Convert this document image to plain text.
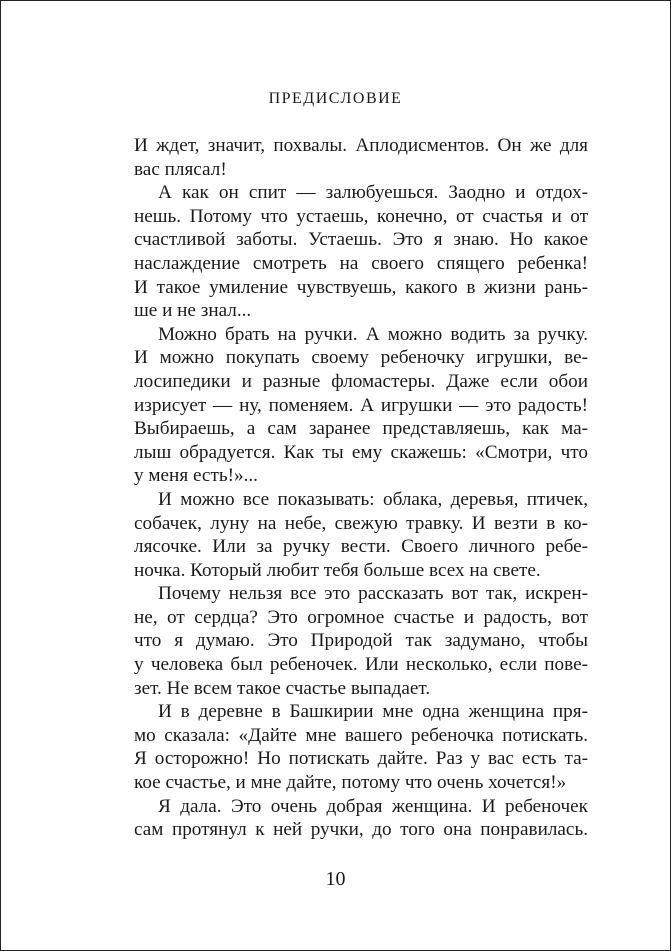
ПРЕДИСЛОВИЕ
И ждет, значит, похвалы. Аплодисментов. Он же для
вас плясал!
А как он спит — залюбуешься. Заодно и отдох-
нешь. Потому что устаешь, конечно, от счастья и от
счастливой заботы. Устаешь. Это я знаю. Но какое
наслаждение смотреть на своего спящего ребенка!
И такое умиление чувствуешь, какого в жизни рань-
ше и не знал...
Можно брать на ручки. А можно водить за ручку.
И можно покупать своему ребеночку игрушки, ве-
лосипедики и разные фломастеры. Даже если обои
изрисует — ну, поменяем. А игрушки — это радость!
Выбираешь, а сам заранее представляешь, как ма-
лыш обрадуется. Как ты ему скажешь: «Смотри, что
у меня есть!»...
И можно все показывать: облака, деревья, птичек,
собачек, луну на небе, свежую травку. И везти в ко-
лясочке. Или за ручку вести. Своего личного ребе-
ночка. Который любит тебя больше всех на свете.
Почему нельзя все это рассказать вот так, искрен-
не, от сердца? Это огромное счастье и радость, вот
что я думаю. Это Природой так задумано, чтобы
у человека был ребеночек. Или несколько, если пове-
зет. Не всем такое счастье выпадает.
И в деревне в Башкирии мне одна женщина пря-
мо сказала: «Дайте мне вашего ребеночка потискать.
Я осторожно! Но потискать дайте. Раз у вас есть та-
кое счастье, и мне дайте, потому что очень хочется!»
Я дала. Это очень добрая женщина. И ребеночек
сам протянул к ней ручки, до того она понравилась.
10
